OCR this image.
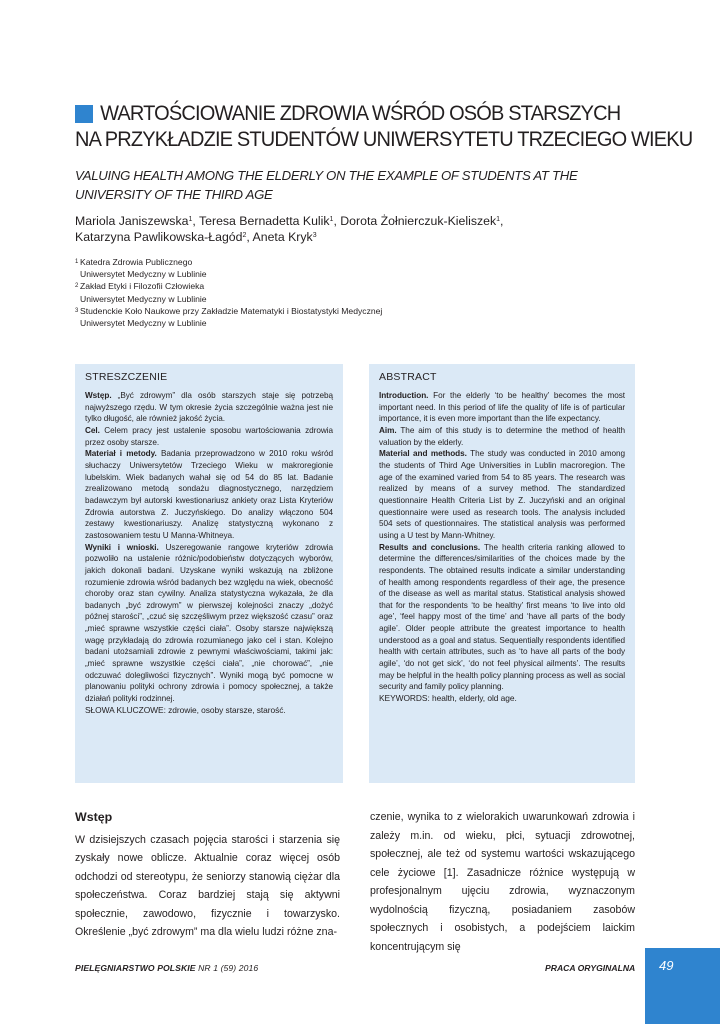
WARTOŚCIOWANIE ZDROWIA WŚRÓD OSÓB STARSZYCH
NA PRZYKŁADZIE STUDENTÓW UNIWERSYTETU TRZECIEGO WIEKU
VALUING HEALTH AMONG THE ELDERLY ON THE EXAMPLE OF STUDENTS AT THE UNIVERSITY OF THE THIRD AGE
Mariola Janiszewska$^1$, Teresa Bernadetta Kulik$^1$, Dorota Żołnierczuk-Kieliszek$^1$,
Katarzyna Pawlikowska-Łagód$^2$, Aneta Kryk$^3$
1 Katedra Zdrowia Publicznego
Uniwersytet Medyczny w Lublinie
2 Zakład Etyki i Filozofii Człowieka
Uniwersytet Medyczny w Lublinie
3 Studenckie Koło Naukowe przy Zakładzie Matematyki i Biostatystyki Medycznej
Uniwersytet Medyczny w Lublinie
STRESZCZENIE

Wstęp. „Być zdrowym” dla osób starszych staje się potrzebą najwyższego rzędu. W tym okresie życia szczególnie ważna jest nie tylko długość, ale również jakość życia.

Cel. Celem pracy jest ustalenie sposobu wartościowania zdrowia przez osoby starsze.

Materiał i metody. Badania przeprowadzono w 2010 roku wśród słuchaczy Uniwersytetów Trzeciego Wieku w makroregionie lubelskim. Wiek badanych wahał się od 54 do 85 lat. Badanie zrealizowano metodą sondażu diagnostycznego, narzędziem badawczym był autorski kwestionariusz ankiety oraz Lista Kryteriów Zdrowia autorstwa Z. Juczyńskiego. Do analizy włączono 504 zestawy kwestionariuszy. Analizę statystyczną wykonano z zastosowaniem testu U Manna-Whitneya.

Wyniki i wnioski. Uszeregowanie rangowe kryteriów zdrowia pozwoliło na ustalenie różnic/podobieństw dotyczących wyborów, jakich dokonali badani. Uzyskane wyniki wskazują na zbliżone rozumienie zdrowia wśród badanych bez względu na wiek, obecność choroby oraz stan cywilny. Analiza statystyczna wykazała, że dla badanych „być zdrowym” w pierwszej kolejności znaczy „dożyć późnej starości”, „czuć się szczęśliwym przez większość czasu” oraz „mieć sprawne wszystkie części ciała”. Osoby starsze największą wagę przykładają do zdrowia rozumianego jako cel i stan. Kolejno badani utożsamiali zdrowie z pewnymi właściwościami, takimi jak: „mieć sprawne wszystkie części ciała”, „nie chorować”, „nie odczuwać dolegliwości fizycznych”. Wyniki mogą być pomocne w planowaniu polityki ochrony zdrowia i pomocy społecznej, a także działań polityki rodzinnej.

SŁOWA KLUCZOWE: zdrowie, osoby starsze, starość.

ABSTRACT

Introduction. For the elderly ‘to be healthy’ becomes the most important need. In this period of life the quality of life is of particular importance, it is even more important than the life expectancy.

Aim. The aim of this study is to determine the method of health valuation by the elderly.

Material and methods. The study was conducted in 2010 among the students of Third Age Universities in Lublin macroregion. The age of the examined varied from 54 to 85 years. The research was realized by means of a survey method. The standardized questionnaire Health Criteria List by Z. Juczyński and an original questionnaire were used as research tools. The analysis included 504 sets of questionnaires. The statistical analysis was performed using a U test by Mann-Whitney.

Results and conclusions. The health criteria ranking allowed to determine the differences/similarities of the choices made by the respondents. The obtained results indicate a similar understanding of health among respondents regardless of their age, the presence of the disease as well as marital status. Statistical analysis showed that for the respondents ‘to be healthy’ first means ‘to live into old age’, ‘feel happy most of the time’ and ‘have all parts of the body agile’. Older people attribute the greatest importance to health understood as a goal and status. Sequentially respondents identified health with certain attributes, such as ‘to have all parts of the body agile’, ‘do not get sick’, ‘do not feel physical ailments’. The results may be helpful in the health policy planning process as well as social security and family policy planning.

KEYWORDS: health, elderly, old age.

Wstęp
W dzisiejszych czasach pojęcia starości i starzenia się zyskały nowe oblicze. Aktualnie coraz więcej osób odchodzi od stereotypu, że seniorzy stanowią ciężar dla społeczeństwa. Coraz bardziej stają się aktywni społecznie, zawodowo, fizycznie i towarzysko. Określenie „być zdrowym” ma dla wielu ludzi różne zna-
czenie, wynika to z wielorakich uwarunkowań zdrowia i zależy m.in. od wieku, płci, sytuacji zdrowotnej, społecznej, ale też od systemu wartości wskazującego cele życiowe [1]. Zasadnicze różnice występują w profesjonalnym ujęciu zdrowia, wyznaczonym wydolnością fizyczną, posiadaniem zasobów społecznych i osobistych, a podejściem laickim koncentrującym się
PIELĘGNIARSTWO POLSKIE NR 1 (59) 2016	PRACA ORYGINALNA 49
